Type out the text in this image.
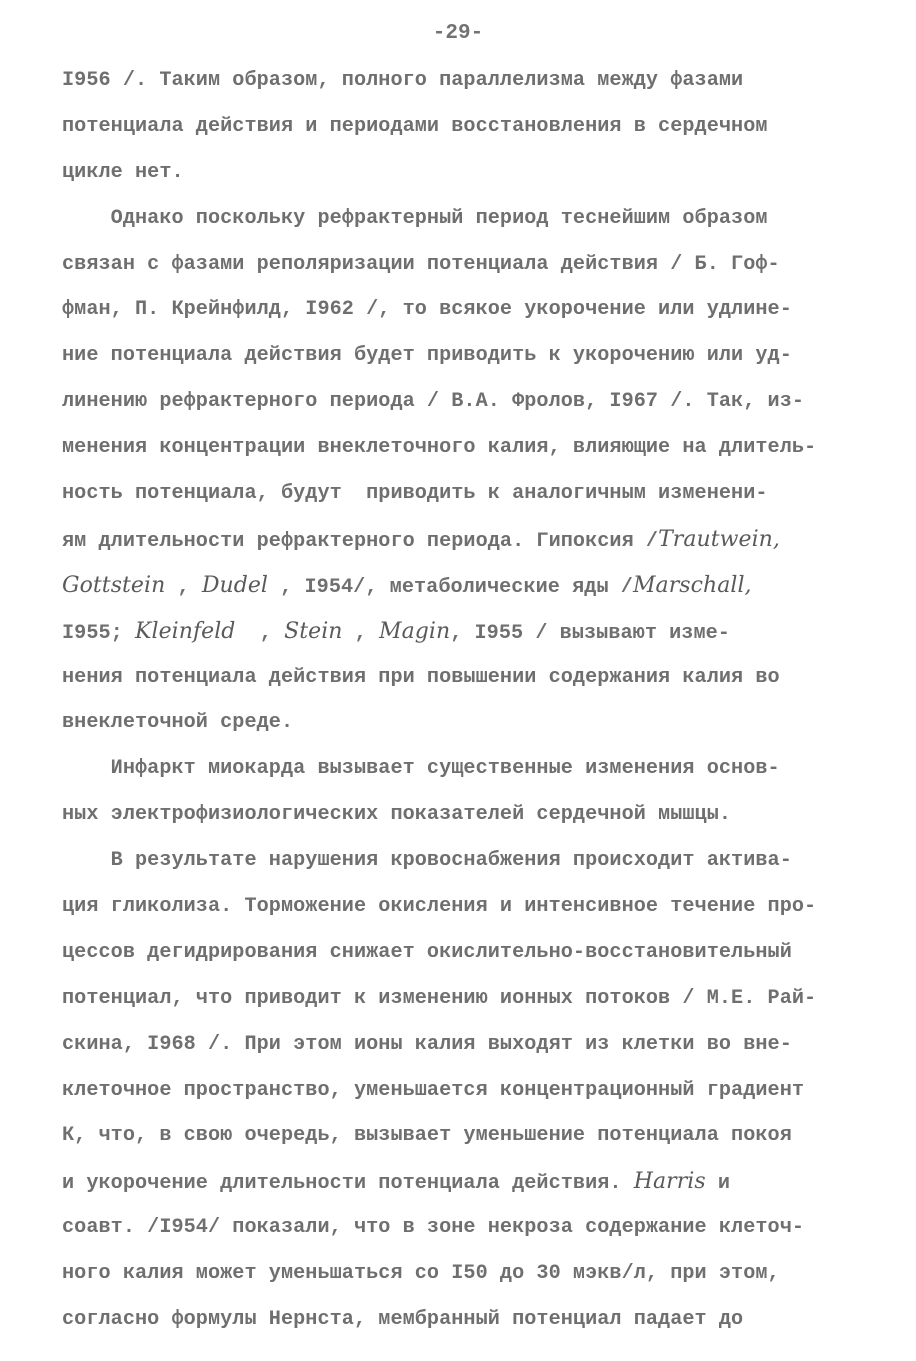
-29-
I956 /. Таким образом, полного параллелизма между фазами
потенциала действия и периодами восстановления в сердечном
цикле нет.
Однако поскольку рефрактерный период теснейшим образом
связан с фазами реполяризации потенциала действия / Б. Гоф-
фман, П. Крейнфилд, I962 /, то всякое укорочение или удлине-
ние потенциала действия будет приводить к укорочению или уд-
линению рефрактерного периода / В.А. Фролов, I967 /. Так, из-
менения концентрации внеклеточного калия, влияющие на длитель-
ность потенциала, будут  приводить к аналогичным изменени-
ям длительности рефрактерного периода. Гипоксия /Trautwein,
Gottstein , Dudel , I954/, метаболические яды /Marschall,
I955; Kleinfeld  , Stein , Magin, I955 / вызывают изме-
нения потенциала действия при повышении содержания калия во
внеклеточной среде.
Инфаркт миокарда вызывает существенные изменения основ-
ных электрофизиологических показателей сердечной мышцы.
В результате нарушения кровоснабжения происходит активa-
ция гликолиза. Торможение окисления и интенсивное течение про-
цессов дегидрирования снижает окислительно-восстановительный
потенциал, что приводит к изменению ионных потоков / М.Е. Рай-
скина, I968 /. При этом ионы калия выходят из клетки во вне-
клеточное пространство, уменьшается концентрационный градиент
К, что, в свою очередь, вызывает уменьшение потенциала покоя
и укорочение длительности потенциала действия. Harris и
соавт. /I954/ показали, что в зоне некроза содержание клеточ-
ного калия может уменьшаться со I50 до 30 мэкв/л, при этом,
согласно формулы Нернста, мембранный потенциал падает до
